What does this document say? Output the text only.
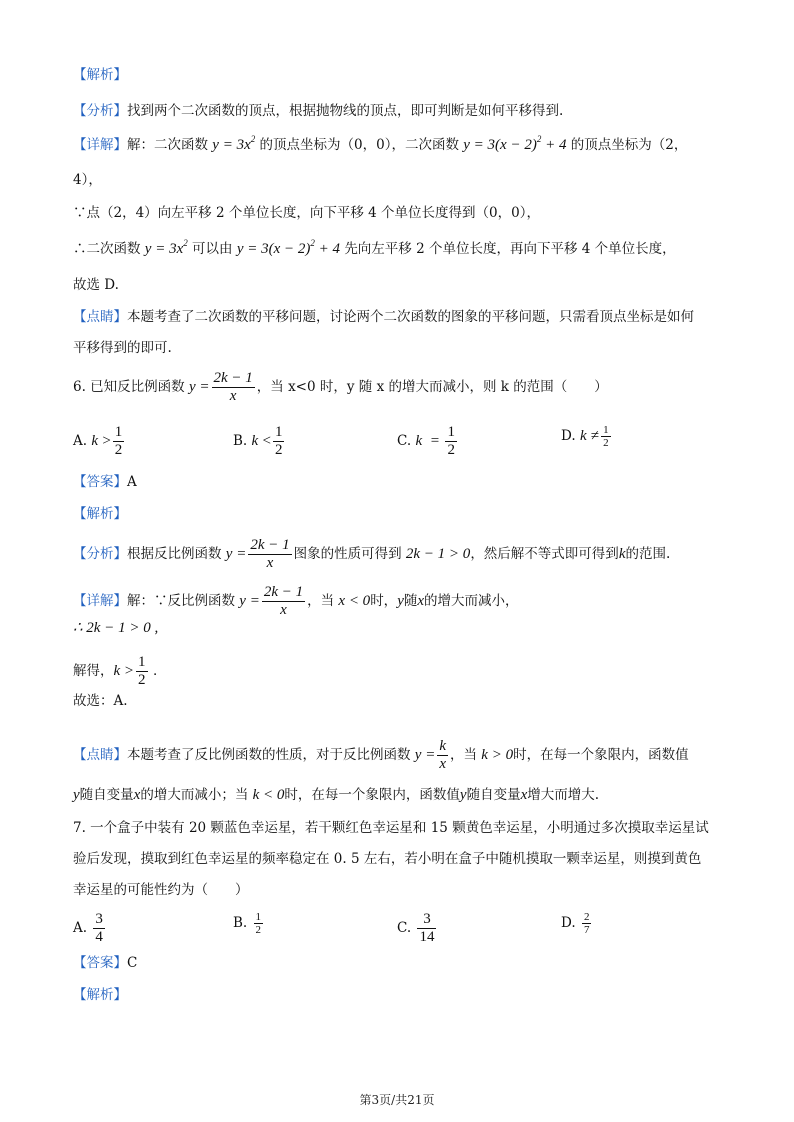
【解析】
【分析】找到两个二次函数的顶点，根据抛物线的顶点，即可判断是如何平移得到.
【详解】解：二次函数 $y = 3x^2$ 的顶点坐标为（0，0），二次函数 $y = 3(x - 2)^2 + 4$ 的顶点坐标为（2，
4），
∵点（2，4）向左平移 2 个单位长度，向下平移 4 个单位长度得到（0，0），
∴二次函数 $y = 3x^2$ 可以由 $y = 3(x - 2)^2 + 4$ 先向左平移 2 个单位长度，再向下平移 4 个单位长度，
故选 D.
【点睛】本题考查了二次函数的平移问题，讨论两个二次函数的图象的平移问题，只需看顶点坐标是如何
平移得到的即可.
6. 已知反比例函数 $y = \frac{2k - 1}{x}$ ，当 x<0 时，y 随 x 的增大而减小，则 k 的范围（　　）
A. $k > \frac{1}{2}$	B. $k < \frac{1}{2}$	C. $k = \frac{1}{2}$	D. $k \ne \frac{1}{2}$
【答案】A
【解析】
【分析】根据反比例函数 $y = \frac{2k - 1}{x}$ 图象的性质可得到 2k − 1 > 0，然后解不等式即可得到k的范围.
【详解】解：∵反比例函数 $y = \frac{2k - 1}{x}$ ，当 x < 0时，y随x的增大而减小，
∴ 2k − 1 > 0 ,
解得，$k > \frac{1}{2}$ .
故选：A.
【点睛】本题考查了反比例函数的性质，对于反比例函数 $y = \frac{k}{x}$ ，当 k > 0时，在每一个象限内，函数值
y随自变量x的增大而减小；当 k < 0时，在每一个象限内，函数值y随自变量x增大而增大.
7. 一个盒子中装有 20 颗蓝色幸运星，若干颗红色幸运星和 15 颗黄色幸运星，小明通过多次摸取幸运星试
验后发现，摸取到红色幸运星的频率稳定在 0. 5 左右，若小明在盒子中随机摸取一颗幸运星，则摸到黄色
幸运星的可能性约为（　　）
A. $\frac{3}{4}$	B. $\frac{1}{2}$	C. $\frac{3}{14}$	D. $\frac{2}{7}$
【答案】C
【解析】
第3页/共21页
